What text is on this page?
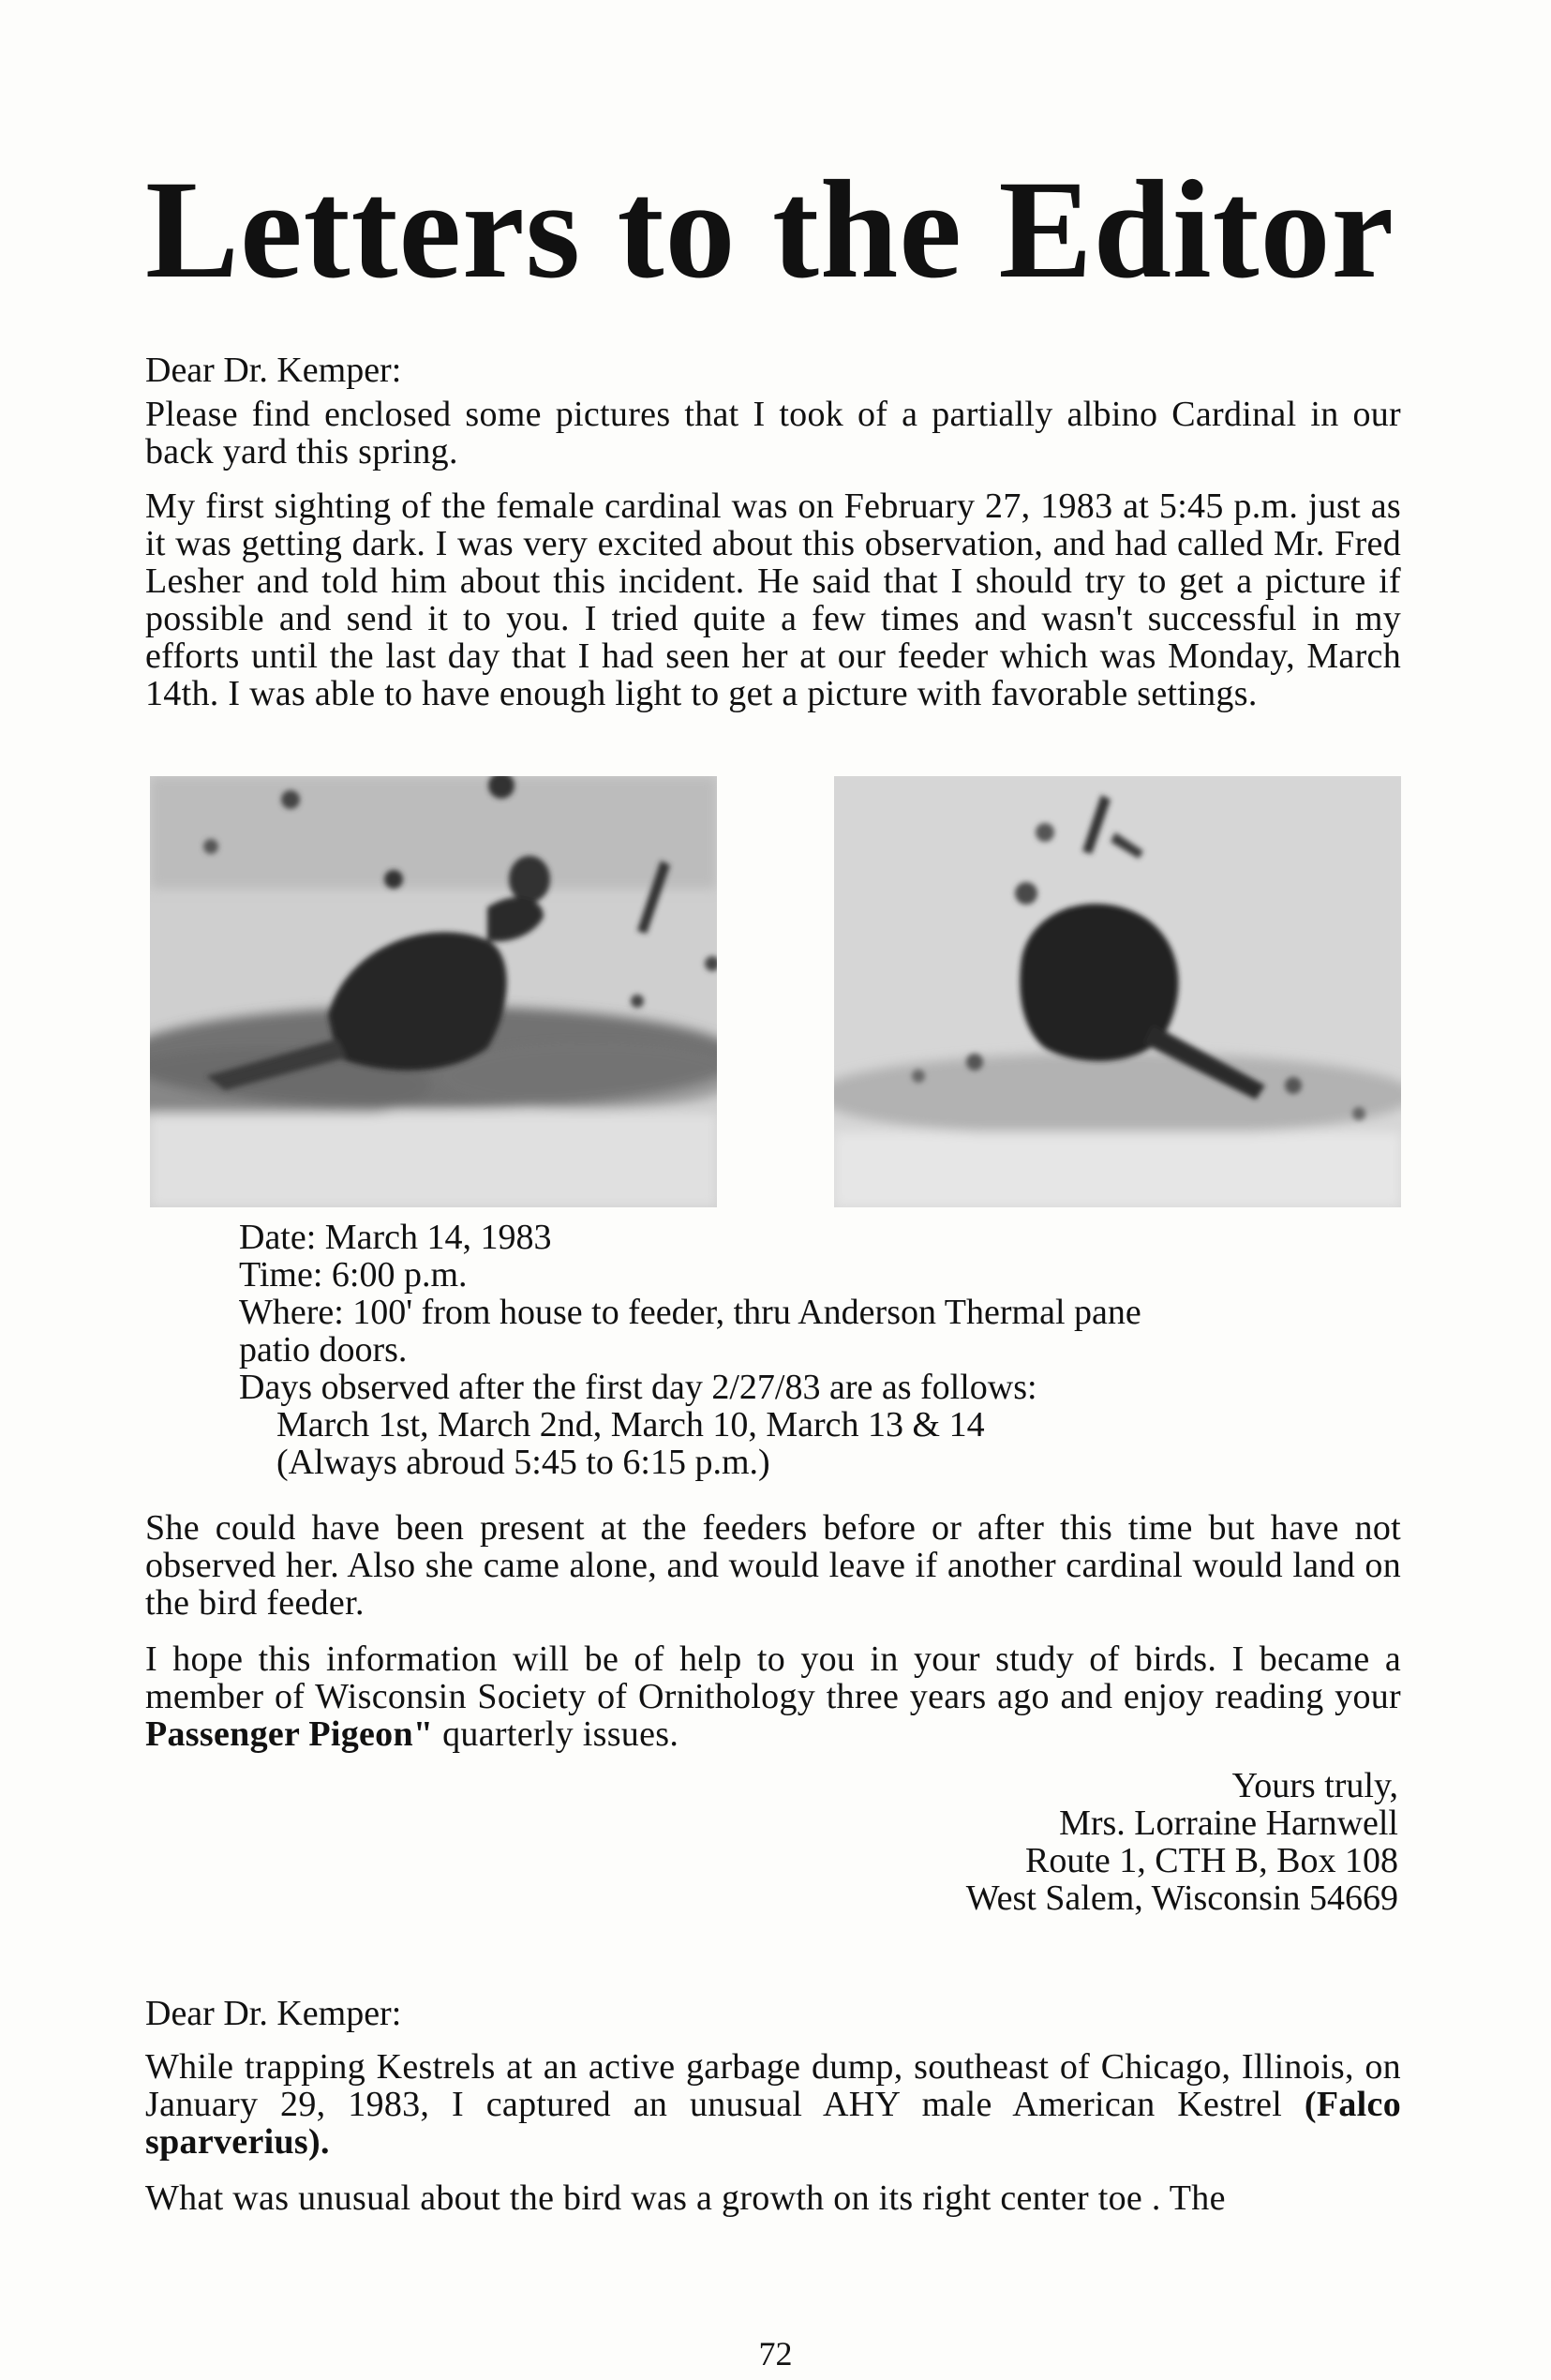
Letters to the Editor

Dear Dr. Kemper:

Please find enclosed some pictures that I took of a partially albino Cardinal in our back yard this spring.

My first sighting of the female cardinal was on February 27, 1983 at 5:45 p.m. just as it was getting dark. I was very excited about this observation, and had called Mr. Fred Lesher and told him about this incident. He said that I should try to get a picture if possible and send it to you. I tried quite a few times and wasn't successful in my efforts until the last day that I had seen her at our feeder which was Monday, March 14th. I was able to have enough light to get a picture with favorable settings.

Date: March 14, 1983

Time: 6:00 p.m.

Where: 100' from house to feeder, thru Anderson Thermal pane

patio doors.

Days observed after the first day 2/27/83 are as follows:

March 1st, March 2nd, March 10, March 13 & 14

(Always abroud 5:45 to 6:15 p.m.)

She could have been present at the feeders before or after this time but have not observed her. Also she came alone, and would leave if another cardinal would land on the bird feeder.

I hope this information will be of help to you in your study of birds. I became a member of Wisconsin Society of Ornithology three years ago and enjoy reading your Passenger Pigeon" quarterly issues.

Yours truly,

Mrs. Lorraine Harnwell

Route 1, CTH B, Box 108

West Salem, Wisconsin 54669

Dear Dr. Kemper:

While trapping Kestrels at an active garbage dump, southeast of Chicago, Illinois, on January 29, 1983, I captured an unusual AHY male American Kestrel (Falco sparverius).

What was unusual about the bird was a growth on its right center toe . The

72
